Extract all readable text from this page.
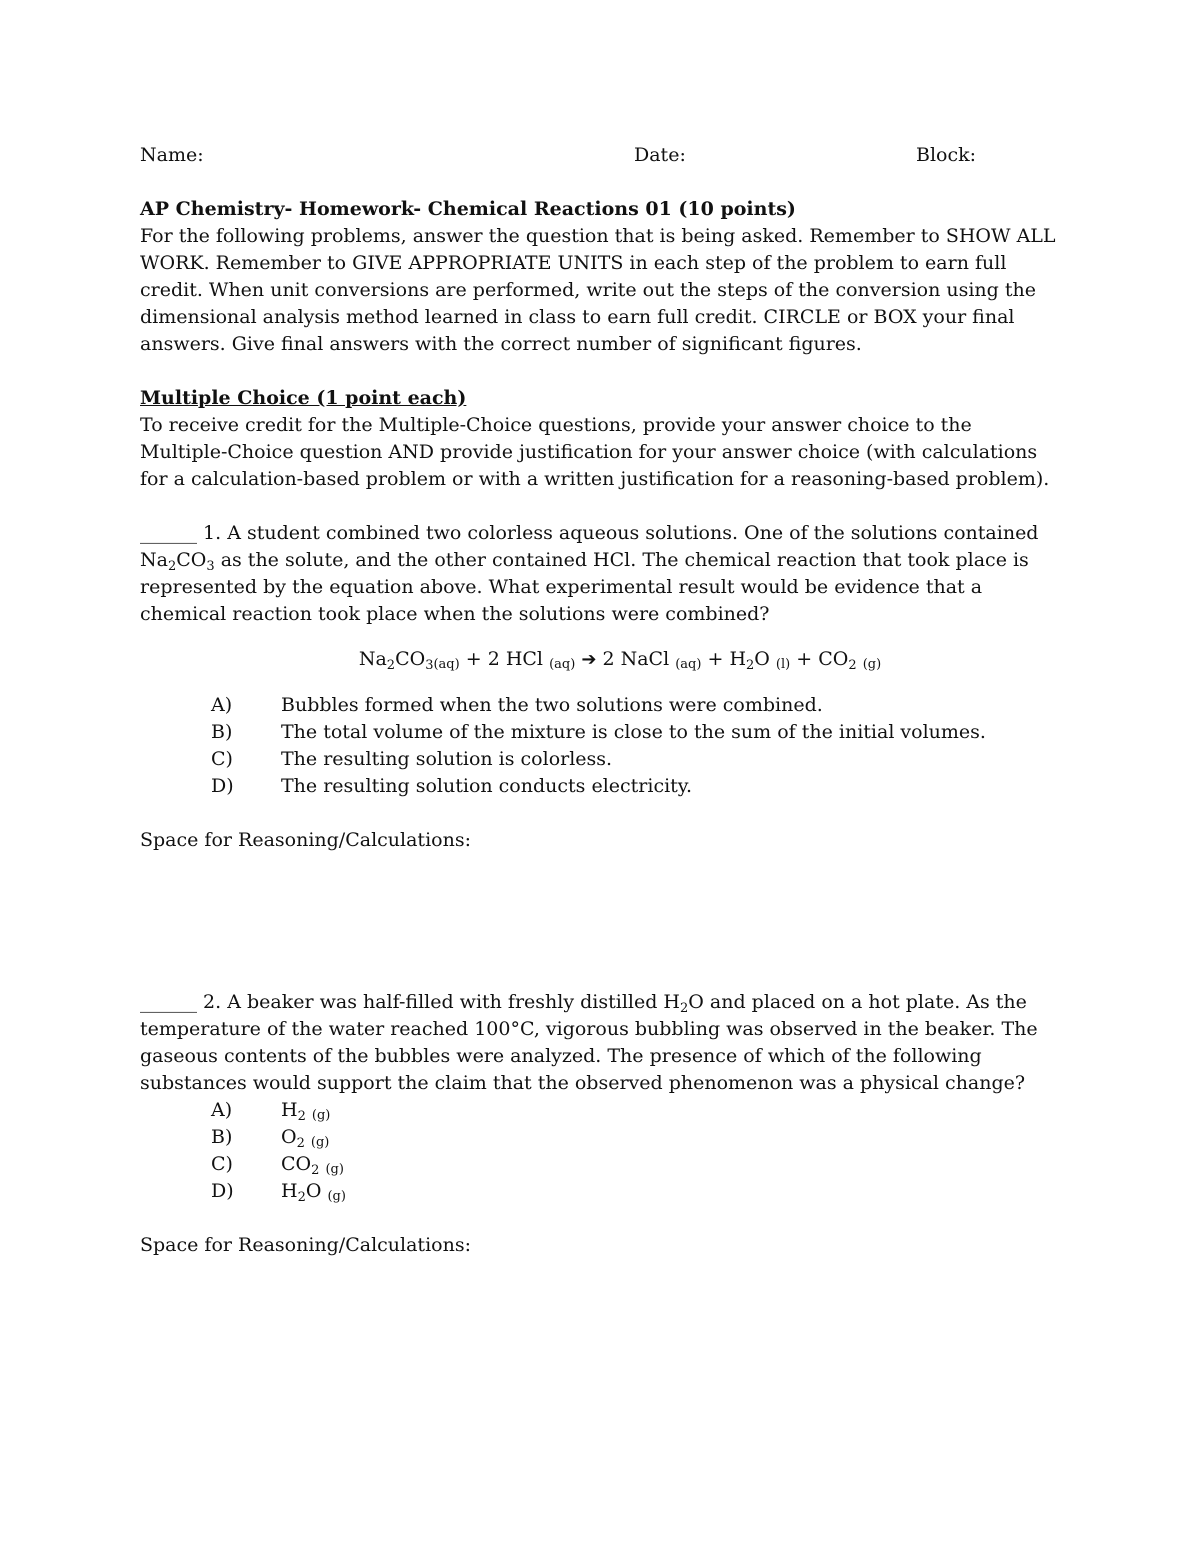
Name:	Date:	Block:

AP Chemistry- Homework- Chemical Reactions 01 (10 points)

For the following problems, answer the question that is being asked. Remember to SHOW ALL WORK. Remember to GIVE APPROPRIATE UNITS in each step of the problem to earn full credit. When unit conversions are performed, write out the steps of the conversion using the dimensional analysis method learned in class to earn full credit. CIRCLE or BOX your final answers. Give final answers with the correct number of significant figures.

Multiple Choice (1 point each)

To receive credit for the Multiple-Choice questions, provide your answer choice to the Multiple-Choice question AND provide justification for your answer choice (with calculations for a calculation-based problem or with a written justification for a reasoning-based problem).

______ 1. A student combined two colorless aqueous solutions. One of the solutions contained $Na_2CO_3$ as the solute, and the other contained HCl. The chemical reaction that took place is represented by the equation above. What experimental result would be evidence that a chemical reaction took place when the solutions were combined?

$Na_2CO_3(aq) + 2$ HCl (aq) ➔ 2 NaCl $(aq) + H_2O$ $(l) + CO_2$ (g)
A)	Bubbles formed when the two solutions were combined.
B)	The total volume of the mixture is close to the sum of the initial volumes.
C)	The resulting solution is colorless.
D) The resulting solution conducts electricity.

Space for Reasoning/Calculations:

______ 2. A beaker was half-filled with freshly distilled $H_2O$ and placed on a hot plate. As the temperature of the water reached 100°C, vigorous bubbling was observed in the beaker. The gaseous contents of the bubbles were analyzed. The presence of which of the following substances would support the claim that the observed phenomenon was a physical change?

A)	$H_2$ (g)
B)	$O_2$ (g)
C)	$CO_2$ (g)
D) $H_2O$ (g)

Space for Reasoning/Calculations:
